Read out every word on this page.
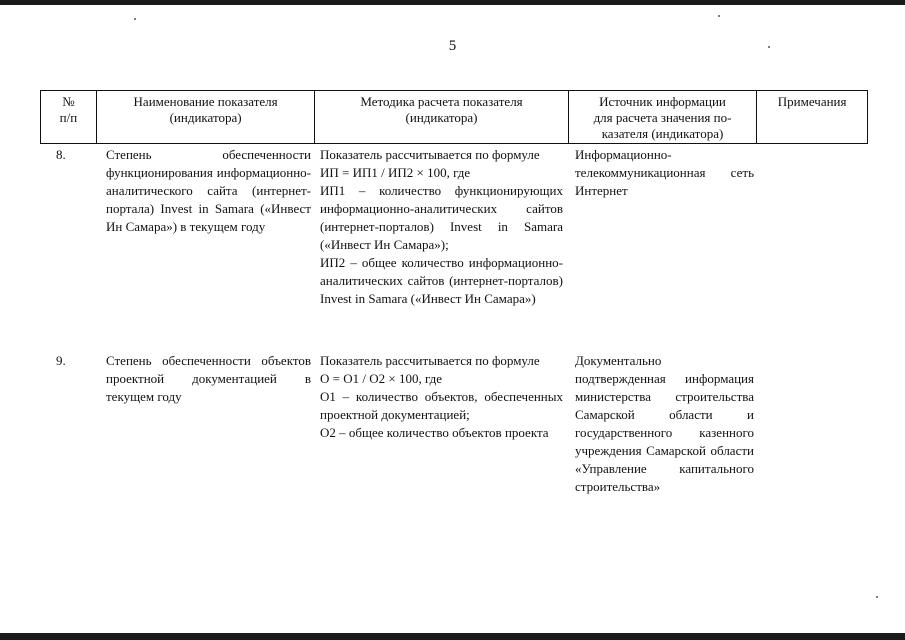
5
№
п/п
Наименование показателя
(индикатора)
Методика расчета показателя
(индикатора)
Источник информации
для расчета значения по-
казателя (индикатора)
Примечания
8.	Степень обеспеченности функционирования информационно-аналитического сайта (интернет-портала) Invest in Samara («Инвест Ин Самара») в текущем году
Показатель рассчитывается по формуле
ИП = ИП1 / ИП2 × 100, где
ИП1 – количество функционирующих информационно-аналитических сайтов (интернет-порталов) Invest in Samara («Инвест Ин Самара»);
ИП2 – общее количество информационно-аналитических сайтов (интернет-порталов) Invest in Samara («Инвест Ин Самара»)
Информационно-телекоммуникационная сеть Интернет
9.	Степень обеспеченности объектов проектной документацией в текущем году
Показатель рассчитывается по формуле
О = О1 / О2 × 100, где
О1 – количество объектов, обеспеченных проектной документацией;
О2 – общее количество объектов проекта
Документально подтвержденная информация министерства строительства Самарской области и государственного казенного учреждения Самарской области «Управление капитального строительства»
